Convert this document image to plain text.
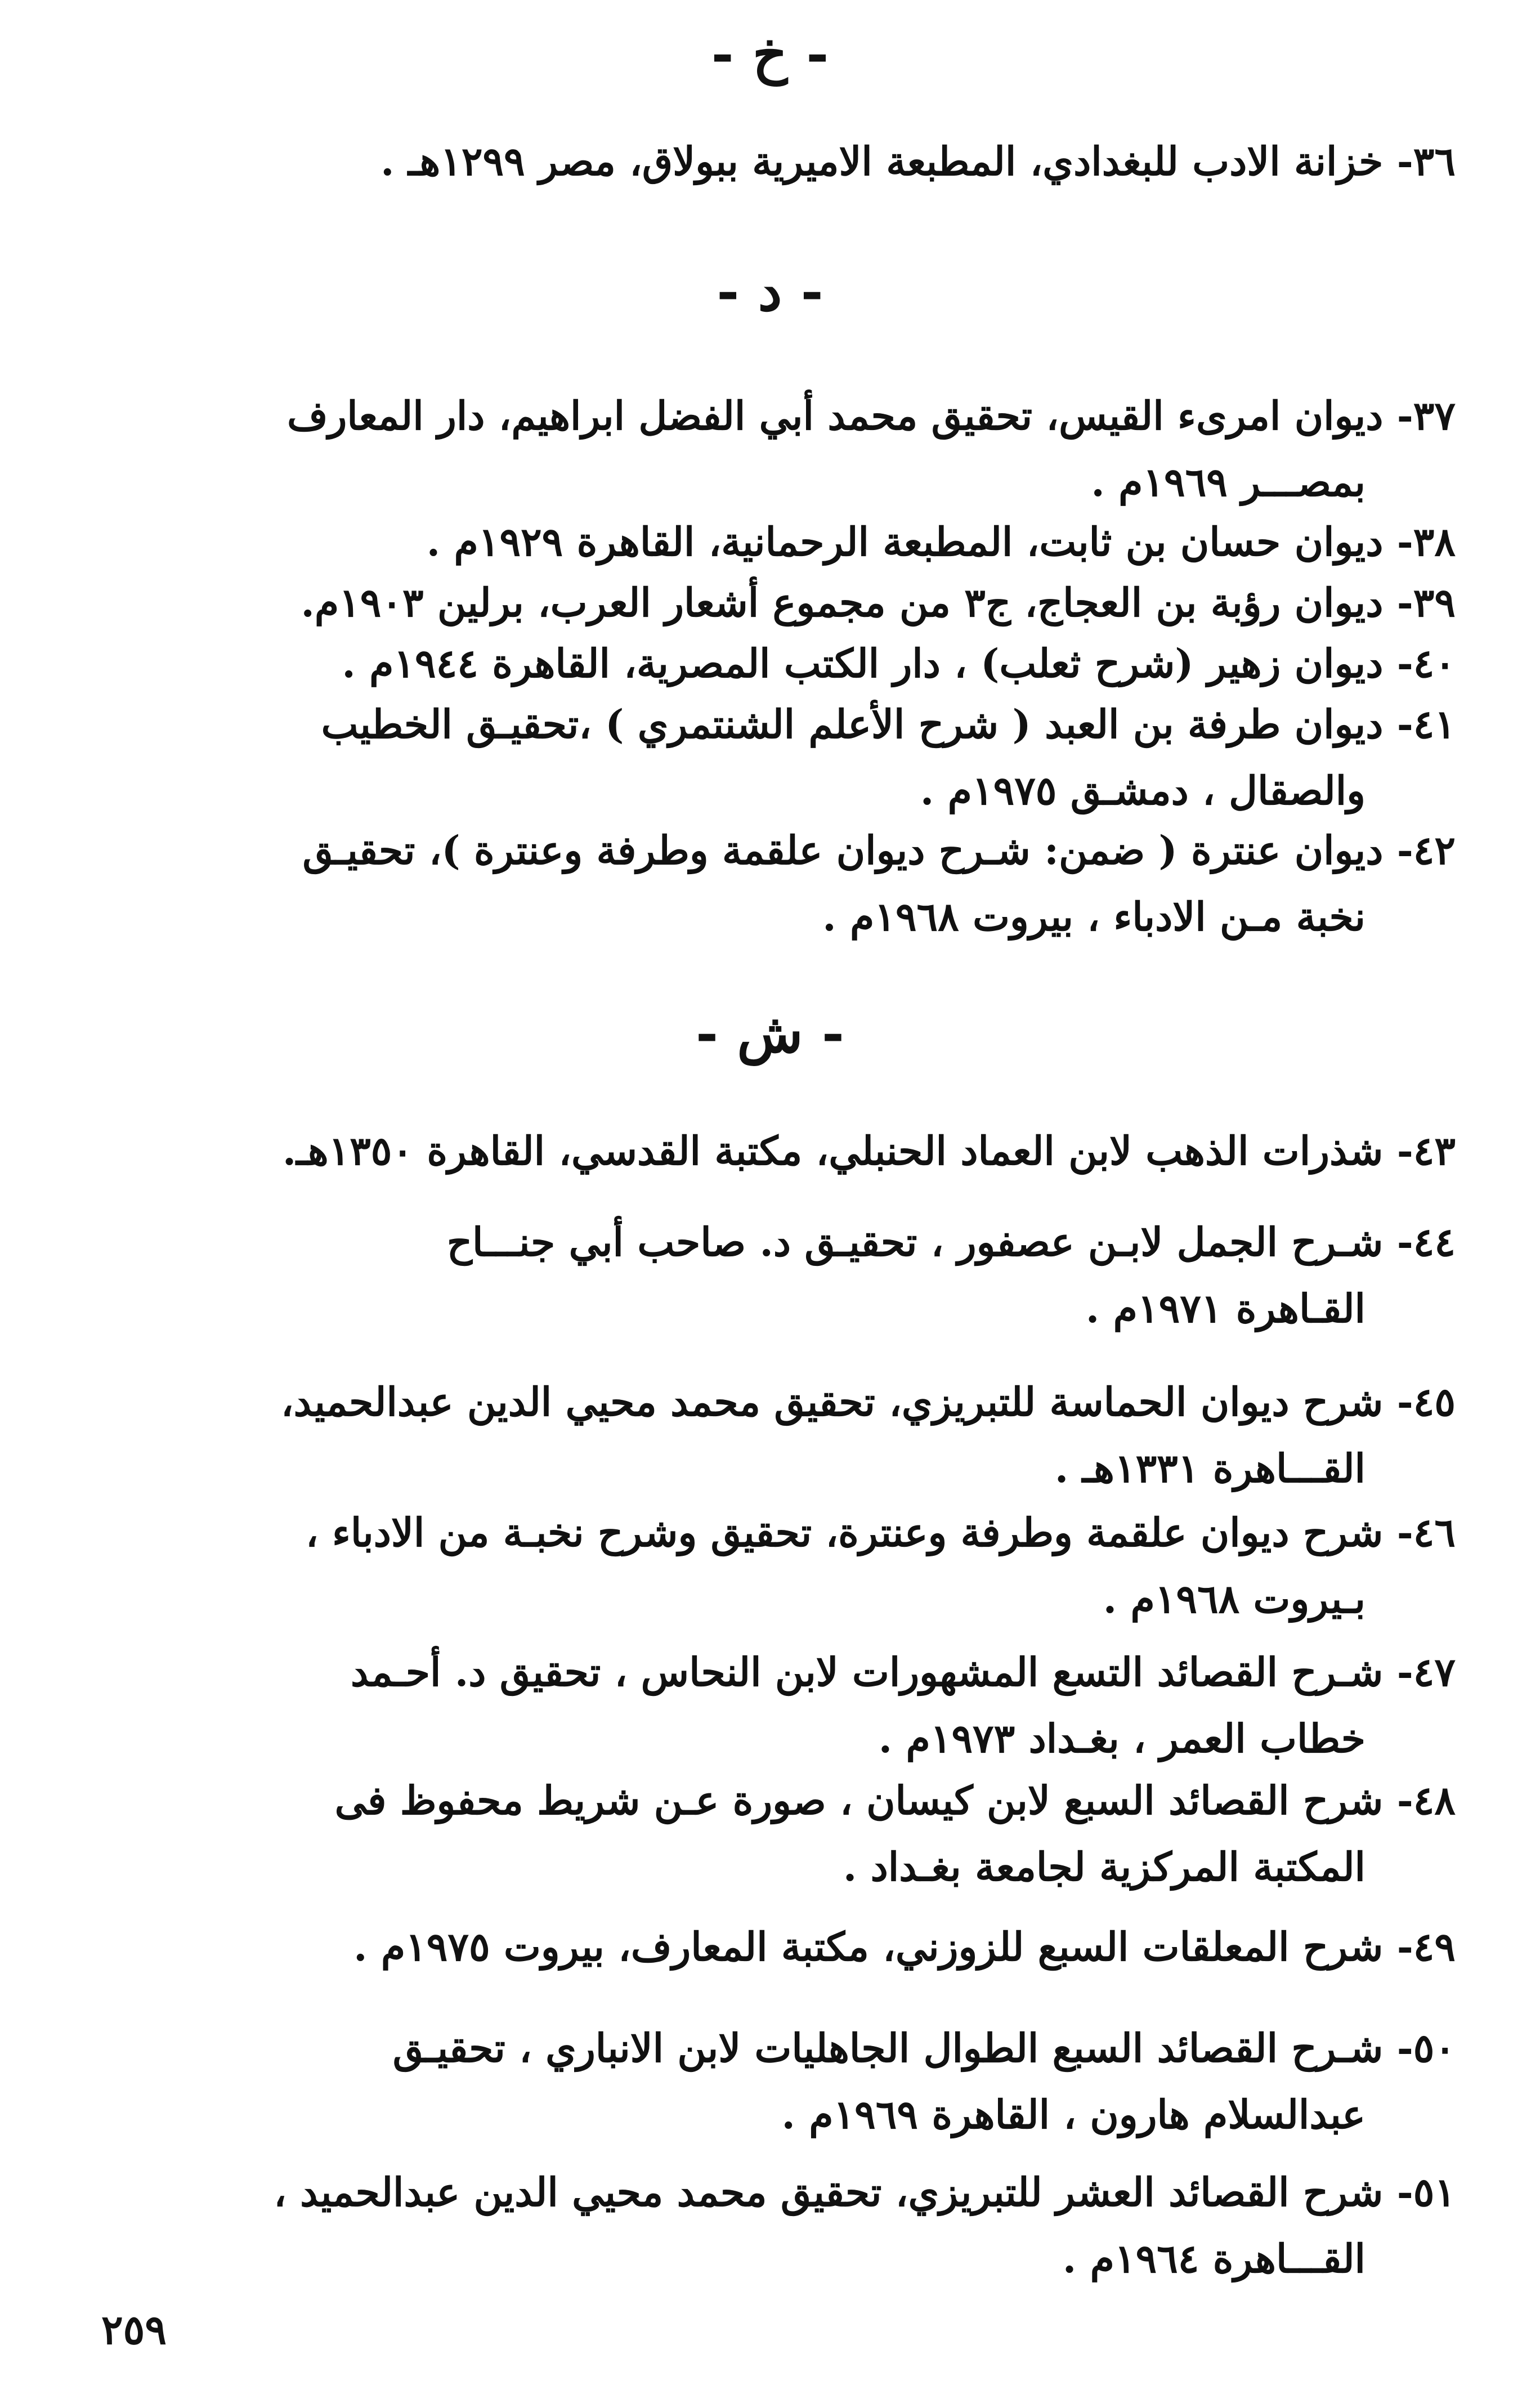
- خ -
٣٦- خزانة الادب للبغدادي، المطبعة الاميرية ببولاق، مصر ١٢٩٩هـ .
- د -
٣٧- ديوان امرىء القيس، تحقيق محمد أبي الفضل ابراهيم، دار المعارف
بمصـــر ١٩٦٩م .
٣٨- ديوان حسان بن ثابت، المطبعة الرحمانية، القاهرة ١٩٢٩م .
٣٩- ديوان رؤبة بن العجاج، ج٣ من مجموع أشعار العرب، برلين ١٩٠٣م.
٤٠- ديوان زهير (شرح ثعلب) ، دار الكتب المصرية، القاهرة ١٩٤٤م .
٤١- ديوان طرفة بن العبد ( شرح الأعلم الشنتمري ) ،تحقيـق الخطيب
والصقال ، دمشـق ١٩٧٥م .
٤٢- ديوان عنترة ( ضمن: شـرح ديوان علقمة وطرفة وعنترة )، تحقيـق
نخبة مـن الادباء ، بيروت ١٩٦٨م .
- ش -
٤٣- شذرات الذهب لابن العماد الحنبلي، مكتبة القدسي، القاهرة ١٣٥٠هـ.
٤٤- شـرح الجمل لابـن عصفور ، تحقيـق د. صاحب أبي جنـــاح
القـاهرة ١٩٧١م .
٤٥- شرح ديوان الحماسة للتبريزي، تحقيق محمد محيي الدين عبدالحميد،
القـــاهرة ١٣٣١هـ .
٤٦- شرح ديوان علقمة وطرفة وعنترة، تحقيق وشرح نخبـة من الادباء ،
بـيروت ١٩٦٨م .
٤٧- شـرح القصائد التسع المشهورات لابن النحاس ، تحقيق د. أحـمد
خطاب العمر ، بغـداد ١٩٧٣م .
٤٨- شرح القصائد السبع لابن كيسان ، صورة عـن شريط محفوظ فى
المكتبة المركزية لجامعة بغـداد .
٤٩- شرح المعلقات السبع للزوزني، مكتبة المعارف، بيروت ١٩٧٥م .
٥٠- شـرح القصائد السبع الطوال الجاهليات لابن الانباري ، تحقيـق
عبدالسلام هارون ، القاهرة ١٩٦٩م .
٥١- شرح القصائد العشر للتبريزي، تحقيق محمد محيي الدين عبدالحميد ،
القـــاهرة ١٩٦٤م .
٢٥٩
